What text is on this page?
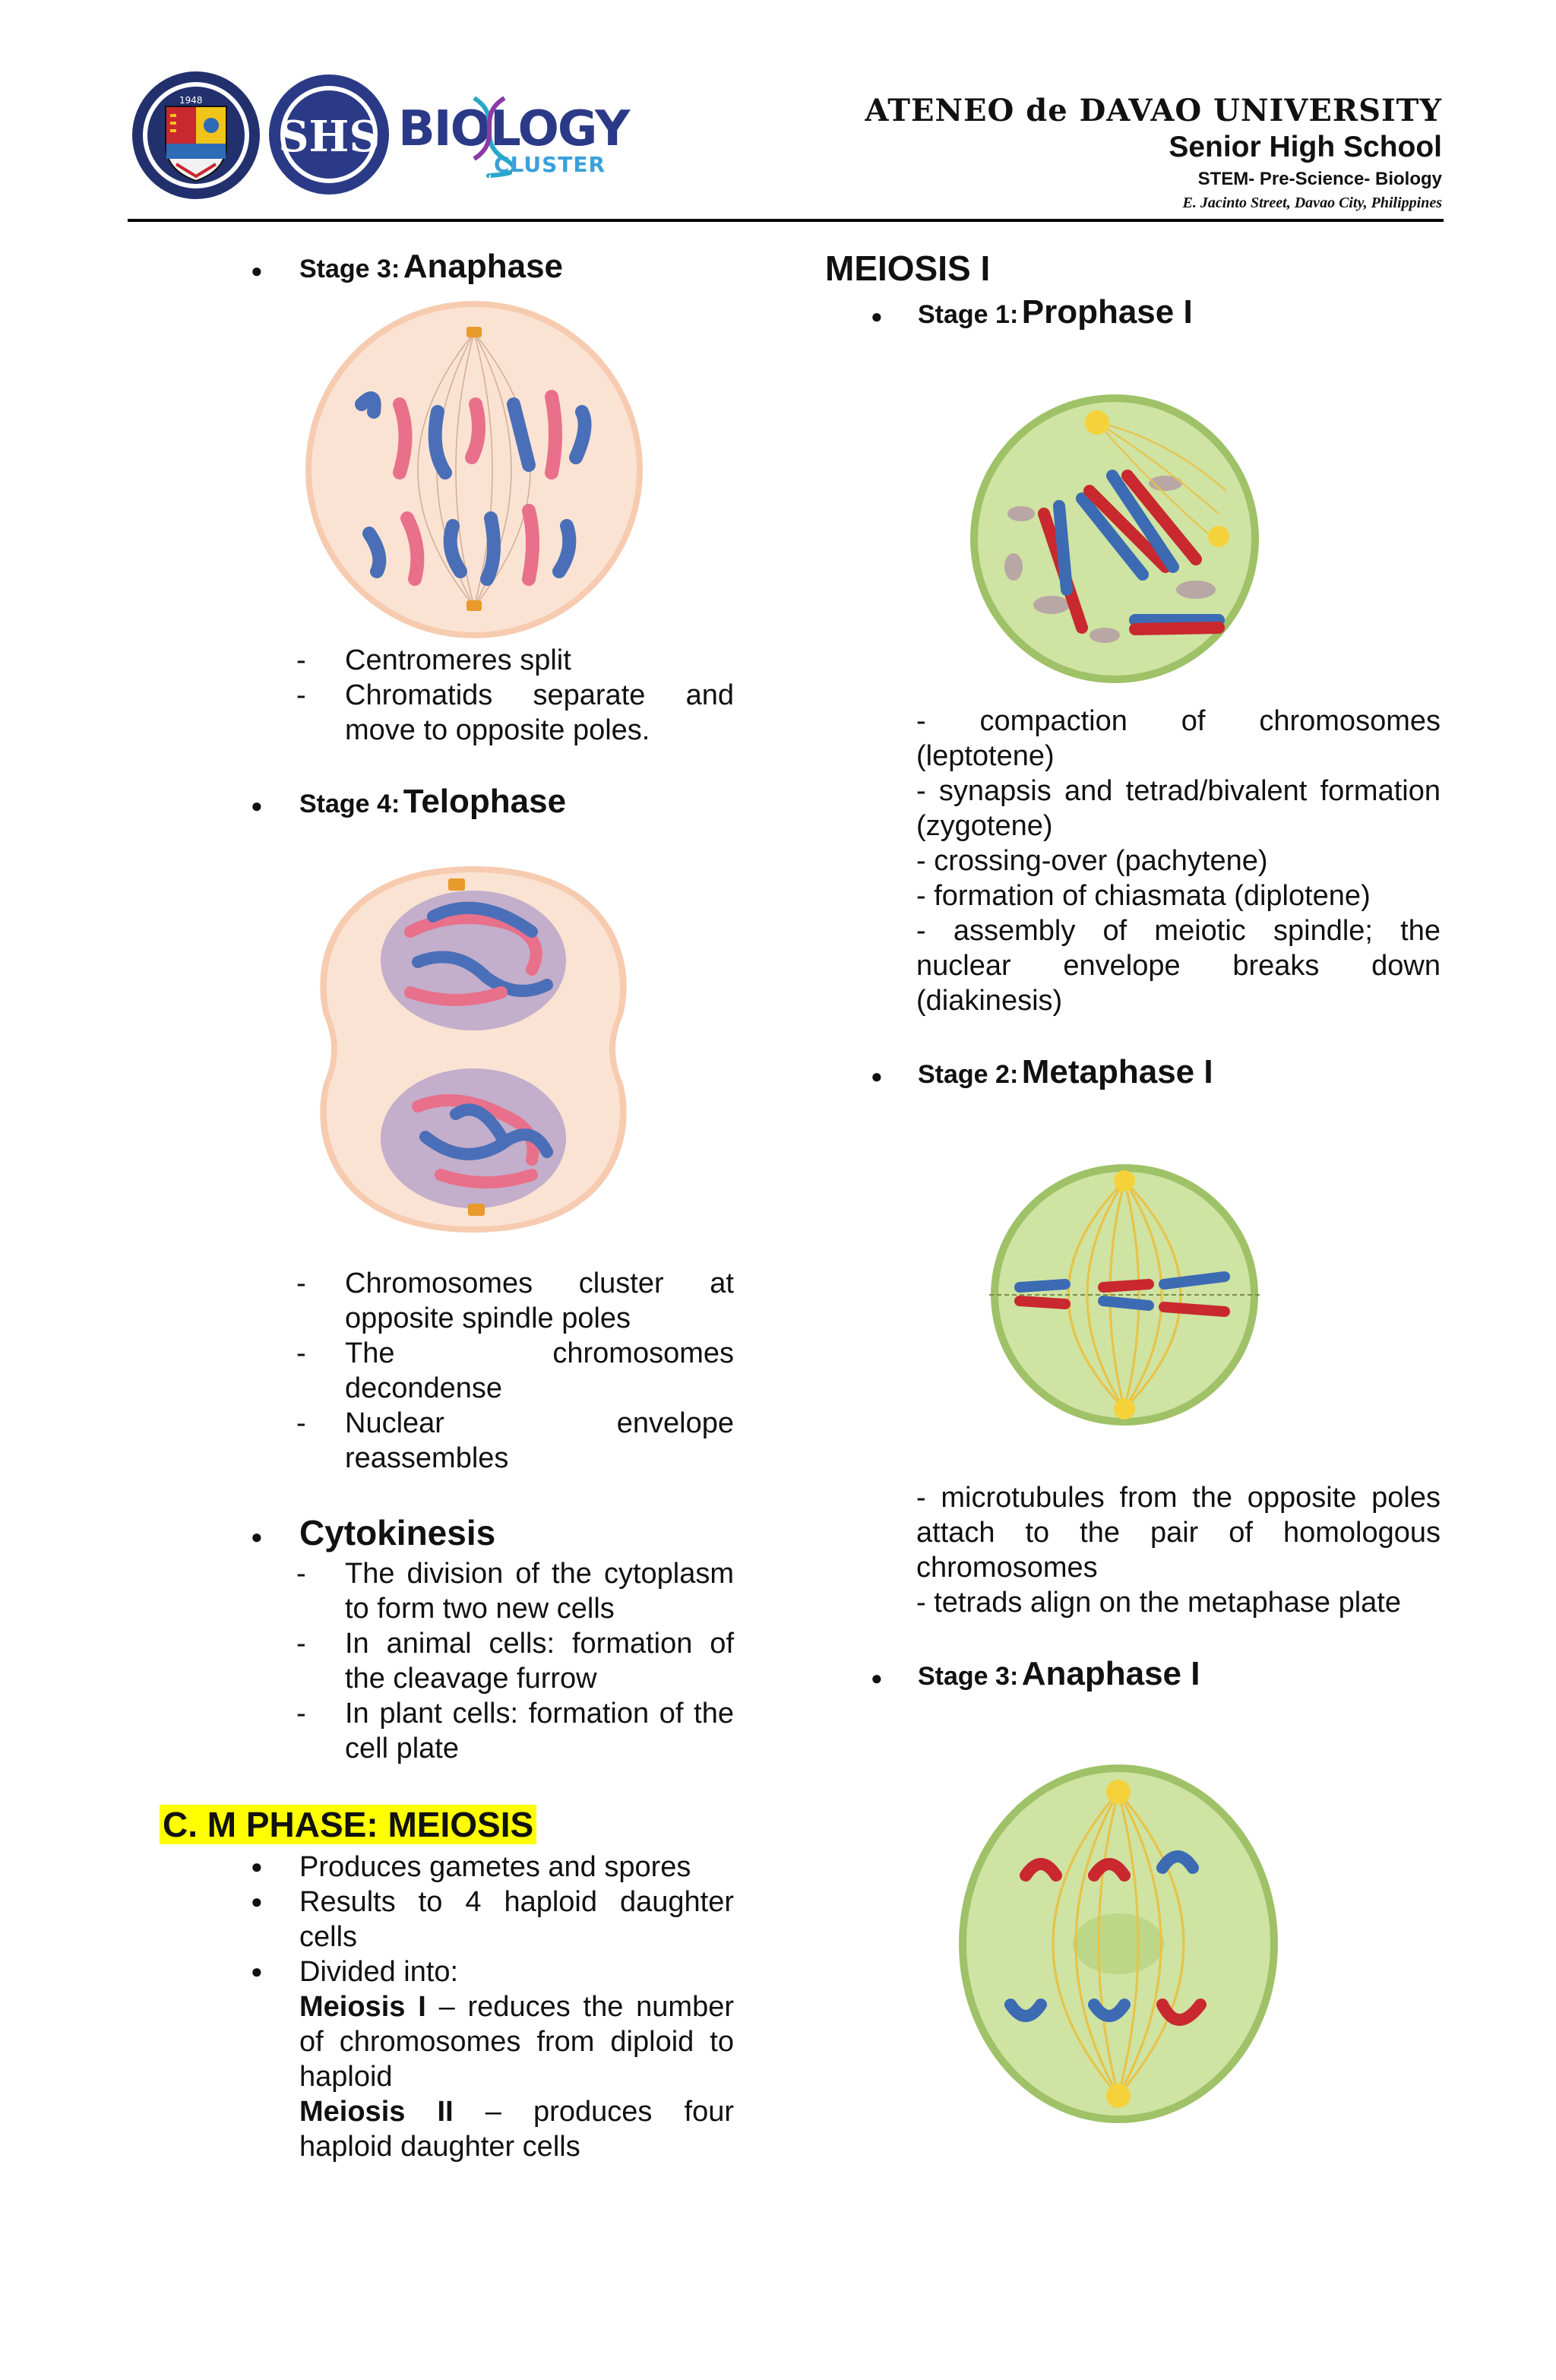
1948
SHS BIOLOGY
CLUSTER
ATENEO de DAVAO UNIVERSITY
Senior High School
STEM- Pre-Science- Biology
E. Jacinto Street, Davao City, Philippines
● Stage 3: Anaphase
- Centromeres split
- Chromatids separate and move to opposite poles.
● Stage 4: Telophase
- Chromosomes cluster at opposite spindle poles
- The chromosomes decondense
- Nuclear envelope reassembles
● Cytokinesis
- The division of the cytoplasm to form two new cells
- In animal cells: formation of the cleavage furrow
- In plant cells: formation of the cell plate
C. M PHASE: MEIOSIS
● Produces gametes and spores
● Results to 4 haploid daughter cells
● Divided into:
Meiosis I – reduces the number of chromosomes from diploid to haploid
Meiosis II – produces four haploid daughter cells
MEIOSIS I
● Stage 1: Prophase I
- compaction of chromosomes (leptotene)
- synapsis and tetrad/bivalent formation (zygotene)
- crossing-over (pachytene)
- formation of chiasmata (diplotene)
- assembly of meiotic spindle; the nuclear envelope breaks down (diakinesis)
● Stage 2: Metaphase I
- microtubules from the opposite poles attach to the pair of homologous chromosomes
- tetrads align on the metaphase plate
● Stage 3: Anaphase I
